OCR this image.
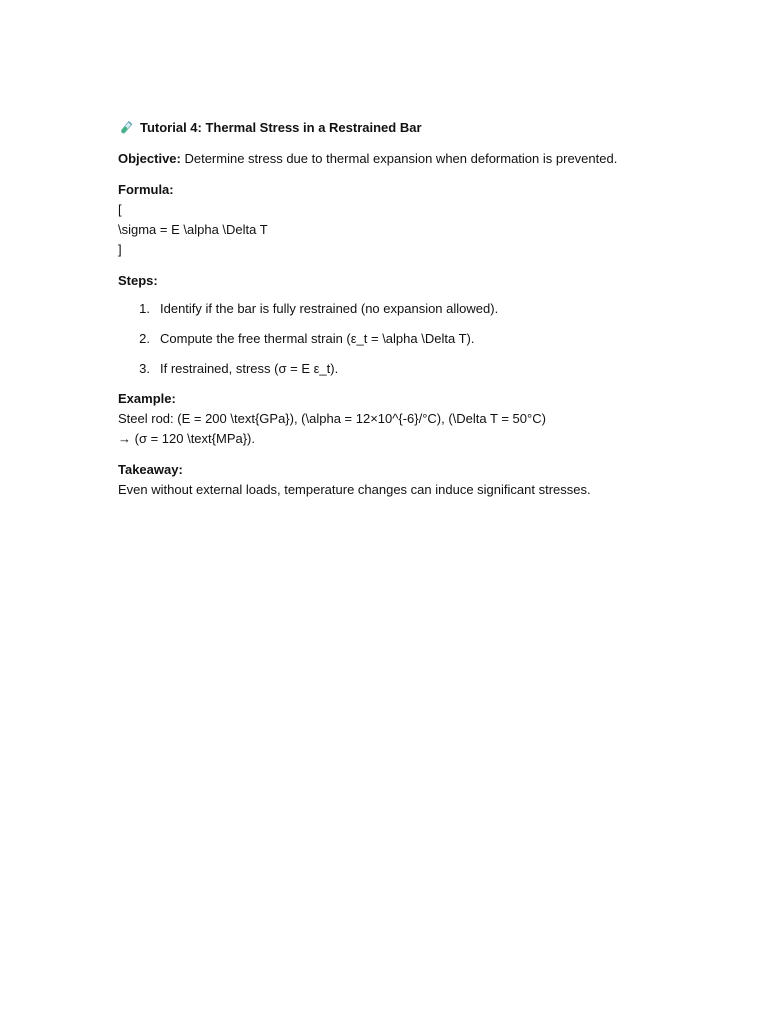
Tutorial 4: Thermal Stress in a Restrained Bar
Objective: Determine stress due to thermal expansion when deformation is prevented.
Formula:
[
\sigma = E \alpha \Delta T
]
Steps:
1. Identify if the bar is fully restrained (no expansion allowed).
2. Compute the free thermal strain (ε_t = \alpha \Delta T).
3. If restrained, stress (σ = E ε_t).
Example:
Steel rod: (E = 200 \text{GPa}), (\alpha = 12×10^{-6}/°C), (\Delta T = 50°C)
→ (σ = 120 \text{MPa}).
Takeaway:
Even without external loads, temperature changes can induce significant stresses.
